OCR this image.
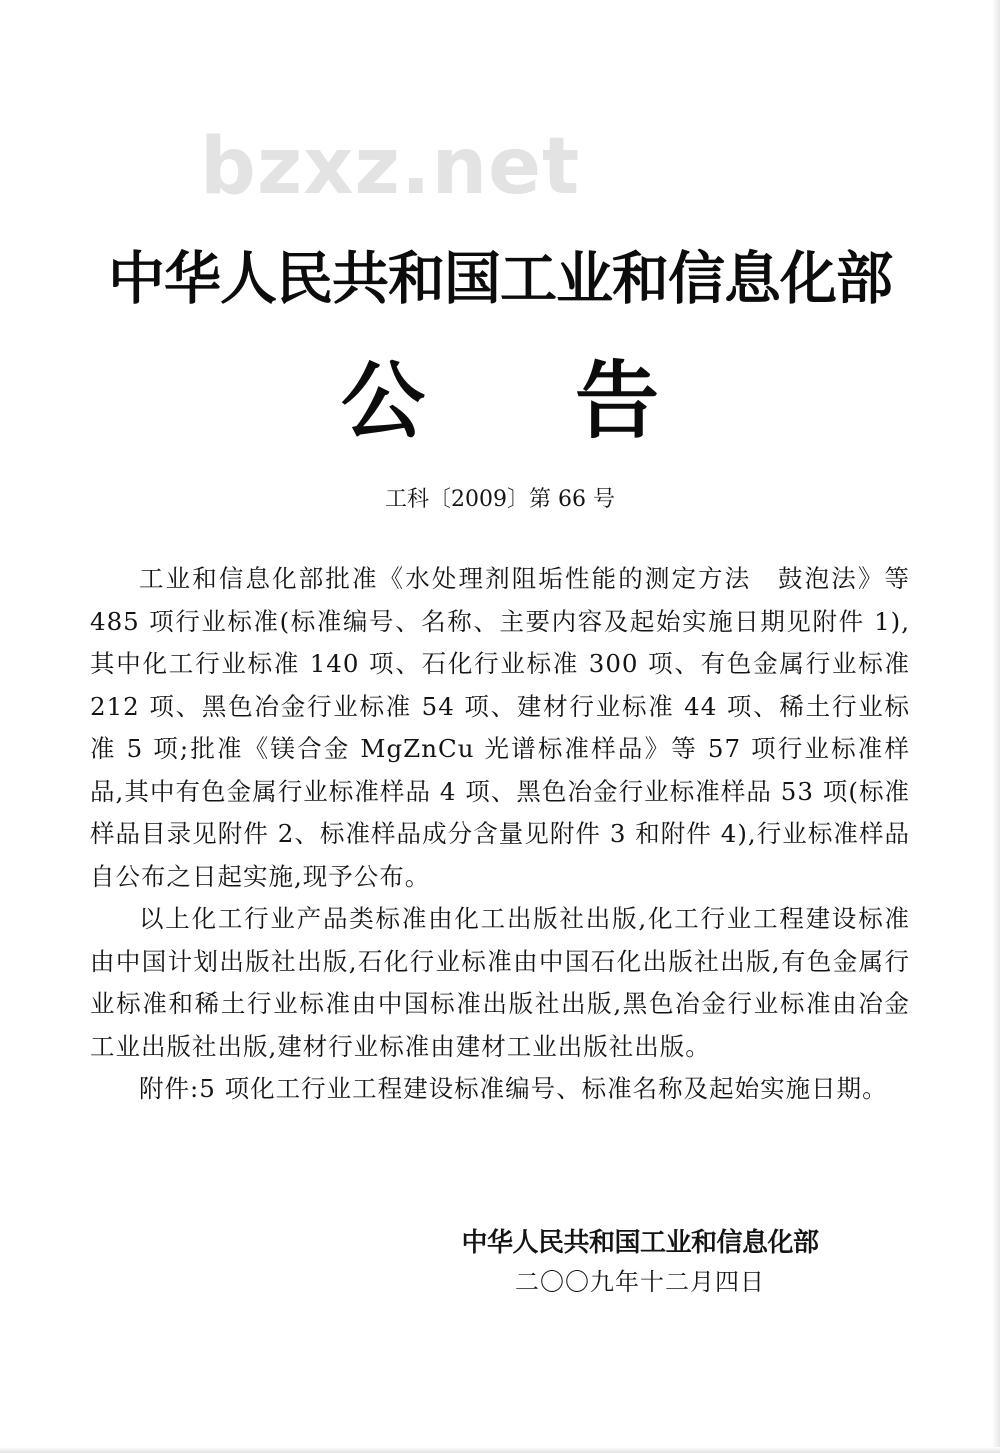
bzxz.net
中华人民共和国工业和信息化部
公告
工科〔2009〕第 66 号

工业和信息化部批准《水处理剂阻垢性能的测定方法　鼓泡法》等 485 项行业标准(标准编号、名称、主要内容及起始实施日期见附件 1),其中化工行业标准 140 项、石化行业标准 300 项、有色金属行业标准 212 项、黑色冶金行业标准 54 项、建材行业标准 44 项、稀土行业标准 5 项;批准《镁合金 MgZnCu 光谱标准样品》等 57 项行业标准样品,其中有色金属行业标准样品 4 项、黑色冶金行业标准样品 53 项(标准样品目录见附件 2、标准样品成分含量见附件 3 和附件 4),行业标准样品自公布之日起实施,现予公布。

以上化工行业产品类标准由化工出版社出版,化工行业工程建设标准由中国计划出版社出版,石化行业标准由中国石化出版社出版,有色金属行业标准和稀土行业标准由中国标准出版社出版,黑色冶金行业标准由冶金工业出版社出版,建材行业标准由建材工业出版社出版。

附件:5 项化工行业工程建设标准编号、标准名称及起始实施日期。

中华人民共和国工业和信息化部
二〇〇九年十二月四日
